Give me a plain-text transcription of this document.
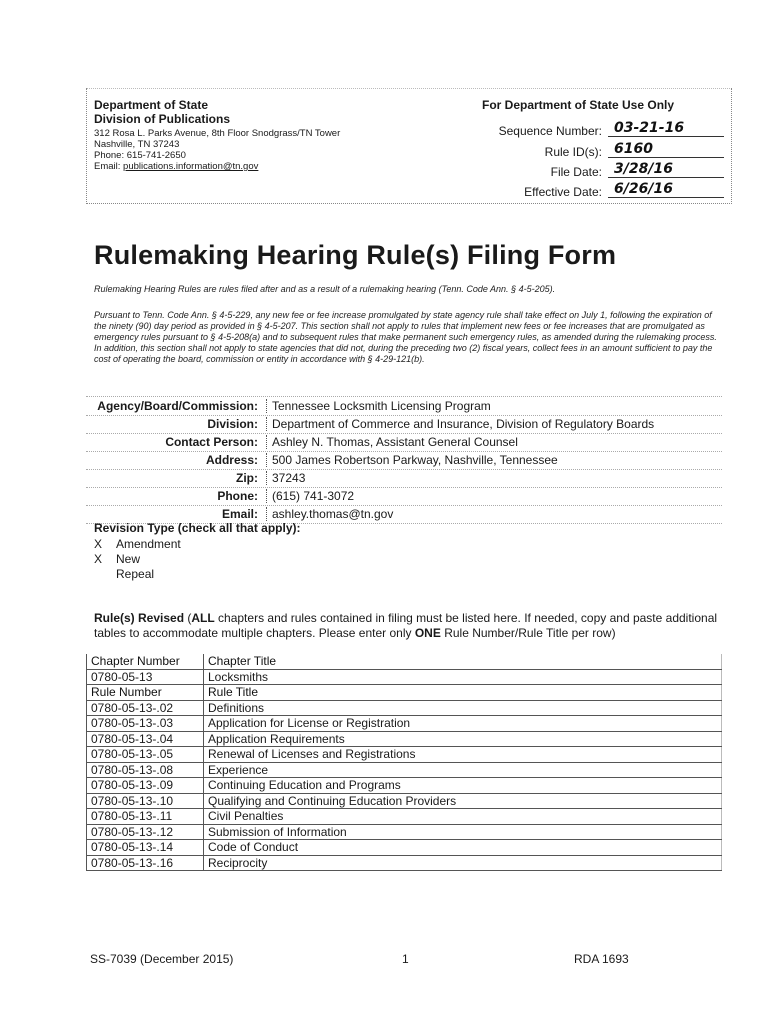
Department of State
Division of Publications
312 Rosa L. Parks Avenue, 8th Floor Snodgrass/TN Tower
Nashville, TN 37243
Phone: 615-741-2650
Email: publications.information@tn.gov
For Department of State Use Only
Sequence Number: 03-21-16
Rule ID(s): 6160
File Date: 3/28/16
Effective Date: 6/26/16
Rulemaking Hearing Rule(s) Filing Form
Rulemaking Hearing Rules are rules filed after and as a result of a rulemaking hearing (Tenn. Code Ann. § 4-5-205).
Pursuant to Tenn. Code Ann. § 4-5-229, any new fee or fee increase promulgated by state agency rule shall take effect on July 1, following the expiration of the ninety (90) day period as provided in § 4-5-207. This section shall not apply to rules that implement new fees or fee increases that are promulgated as emergency rules pursuant to § 4-5-208(a) and to subsequent rules that make permanent such emergency rules, as amended during the rulemaking process. In addition, this section shall not apply to state agencies that did not, during the preceding two (2) fiscal years, collect fees in an amount sufficient to pay the cost of operating the board, commission or entity in accordance with § 4-29-121(b).
Agency/Board/Commission: Tennessee Locksmith Licensing Program
Division: Department of Commerce and Insurance, Division of Regulatory Boards
Contact Person: Ashley N. Thomas, Assistant General Counsel
Address: 500 James Robertson Parkway, Nashville, Tennessee
Zip: 37243
Phone: (615) 741-3072
Email: ashley.thomas@tn.gov
Revision Type (check all that apply):
X Amendment
X New
Repeal
Rule(s) Revised (ALL chapters and rules contained in filing must be listed here. If needed, copy and paste additional tables to accommodate multiple chapters. Please enter only ONE Rule Number/Rule Title per row)
Chapter Number	Chapter Title
0780-05-13	Locksmiths
Rule Number	Rule Title
0780-05-13-.02	Definitions
0780-05-13-.03	Application for License or Registration
0780-05-13-.04	Application Requirements
0780-05-13-.05	Renewal of Licenses and Registrations
0780-05-13-.08	Experience
0780-05-13-.09	Continuing Education and Programs
0780-05-13-.10	Qualifying and Continuing Education Providers
0780-05-13-.11	Civil Penalties
0780-05-13-.12	Submission of Information
0780-05-13-.14	Code of Conduct
0780-05-13-.16	Reciprocity
SS-7039 (December 2015)	1	RDA 1693
